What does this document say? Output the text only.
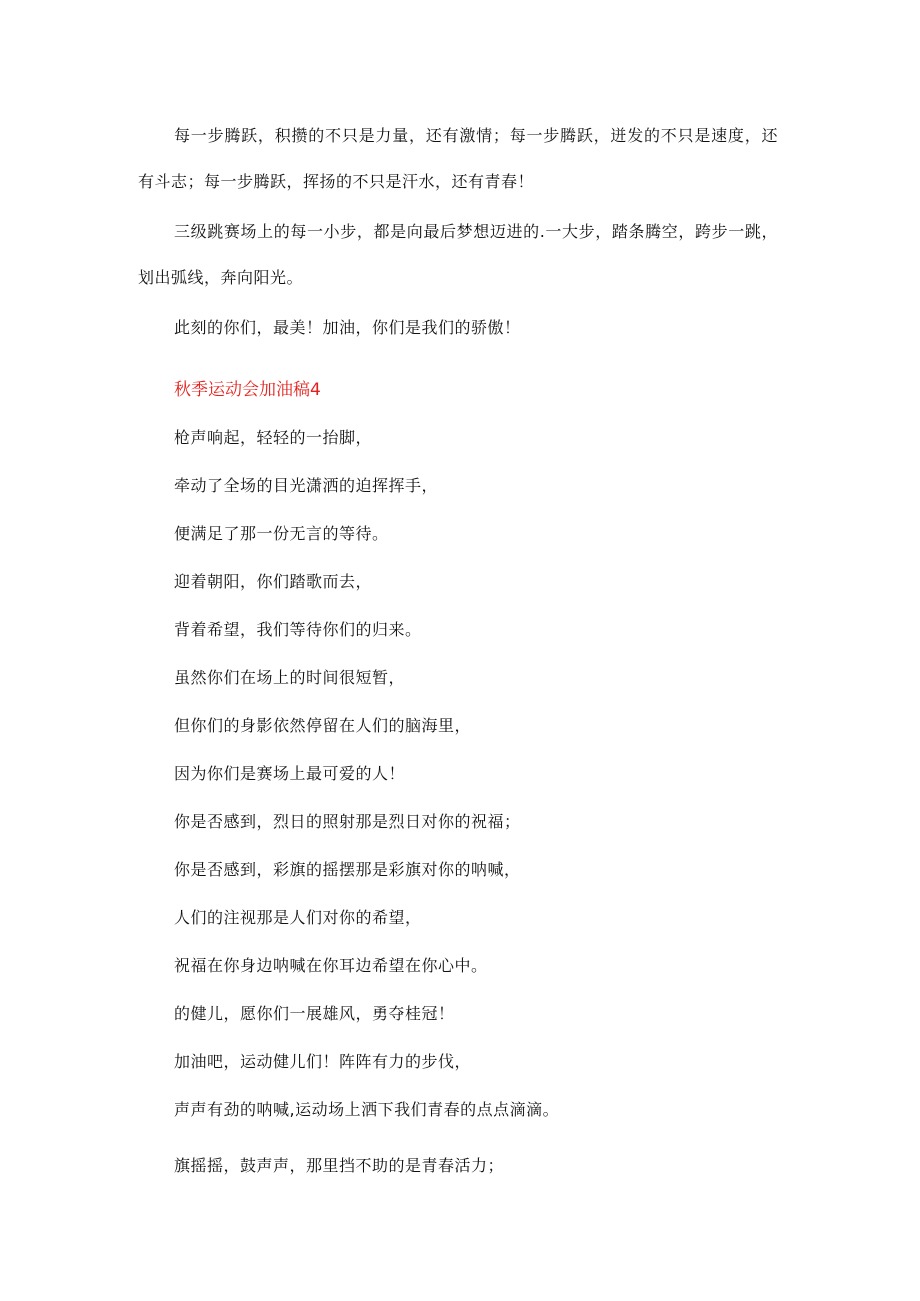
每一步腾跃，积攒的不只是力量，还有激情；每一步腾跃，迸发的不只是速度，还有斗志；每一步腾跃，挥扬的不只是汗水，还有青春！

三级跳赛场上的每一小步，都是向最后梦想迈进的.一大步，踏条腾空，跨步一跳，划出弧线，奔向阳光。

此刻的你们，最美！加油，你们是我们的骄傲！

秋季运动会加油稿4

枪声响起，轻轻的一抬脚，

牵动了全场的目光潇洒的迫挥挥手，

便满足了那一份无言的等待。

迎着朝阳，你们踏歌而去，

背着希望，我们等待你们的归来。

虽然你们在场上的时间很短暂，

但你们的身影依然停留在人们的脑海里，

因为你们是赛场上最可爱的人！

你是否感到，烈日的照射那是烈日对你的祝福；

你是否感到，彩旗的摇摆那是彩旗对你的呐喊，

人们的注视那是人们对你的希望，

祝福在你身边呐喊在你耳边希望在你心中。

的健儿，愿你们一展雄风，勇夺桂冠！

加油吧，运动健儿们！阵阵有力的步伐，

声声有劲的呐喊,运动场上洒下我们青春的点点滴滴。

旗摇摇，鼓声声，那里挡不助的是青春活力；
